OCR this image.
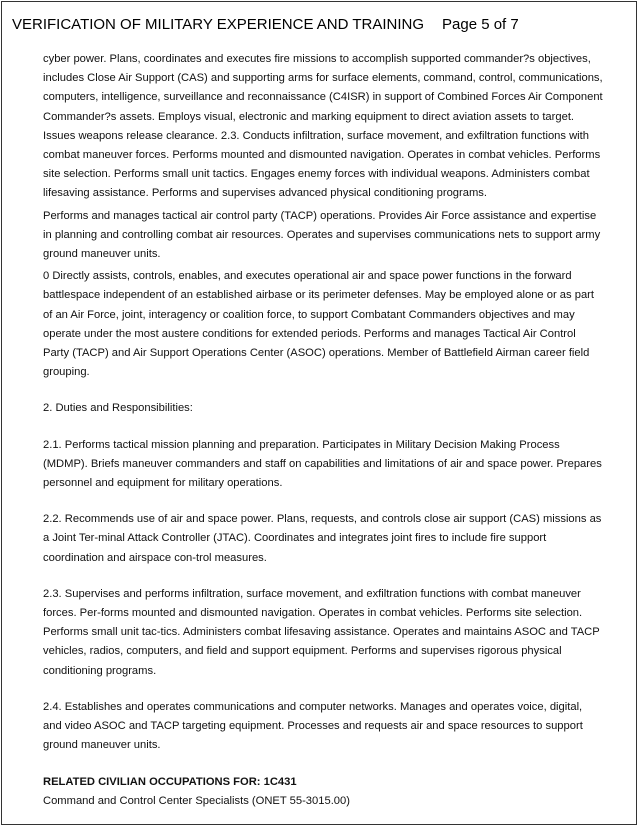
VERIFICATION OF MILITARY EXPERIENCE AND TRAINING Page 5 of 7

cyber power. Plans, coordinates and executes fire missions to accomplish supported commander?s objectives, includes Close Air Support (CAS) and supporting arms for surface elements, command, control, communications, computers, intelligence, surveillance and reconnaissance (C4ISR) in support of Combined Forces Air Component Commander?s assets. Employs visual, electronic and marking equipment to direct aviation assets to target. Issues weapons release clearance. 2.3. Conducts infiltration, surface movement, and exfiltration functions with combat maneuver forces. Performs mounted and dismounted navigation. Operates in combat vehicles. Performs site selection. Performs small unit tactics. Engages enemy forces with individual weapons. Administers combat lifesaving assistance. Performs and supervises advanced physical conditioning programs.

Performs and manages tactical air control party (TACP) operations. Provides Air Force assistance and expertise in planning and controlling combat air resources. Operates and supervises communications nets to support army ground maneuver units.

0 Directly assists, controls, enables, and executes operational air and space power functions in the forward battlespace independent of an established airbase or its perimeter defenses. May be employed alone or as part of an Air Force, joint, interagency or coalition force, to support Combatant Commanders objectives and may operate under the most austere conditions for extended periods. Performs and manages Tactical Air Control Party (TACP) and Air Support Operations Center (ASOC) operations. Member of Battlefield Airman career field grouping.

2. Duties and Responsibilities:

2.1. Performs tactical mission planning and preparation. Participates in Military Decision Making Process (MDMP). Briefs maneuver commanders and staff on capabilities and limitations of air and space power. Prepares personnel and equipment for military operations.

2.2. Recommends use of air and space power. Plans, requests, and controls close air support (CAS) missions as a Joint Ter-minal Attack Controller (JTAC). Coordinates and integrates joint fires to include fire support coordination and airspace con-trol measures.

2.3. Supervises and performs infiltration, surface movement, and exfiltration functions with combat maneuver forces. Per-forms mounted and dismounted navigation. Operates in combat vehicles. Performs site selection. Performs small unit tac-tics. Administers combat lifesaving assistance. Operates and maintains ASOC and TACP vehicles, radios, computers, and field and support equipment. Performs and supervises rigorous physical conditioning programs.

2.4. Establishes and operates communications and computer networks. Manages and operates voice, digital, and video ASOC and TACP targeting equipment. Processes and requests air and space resources to support ground maneuver units.

RELATED CIVILIAN OCCUPATIONS FOR: 1C431

Command and Control Center Specialists (ONET 55-3015.00)
